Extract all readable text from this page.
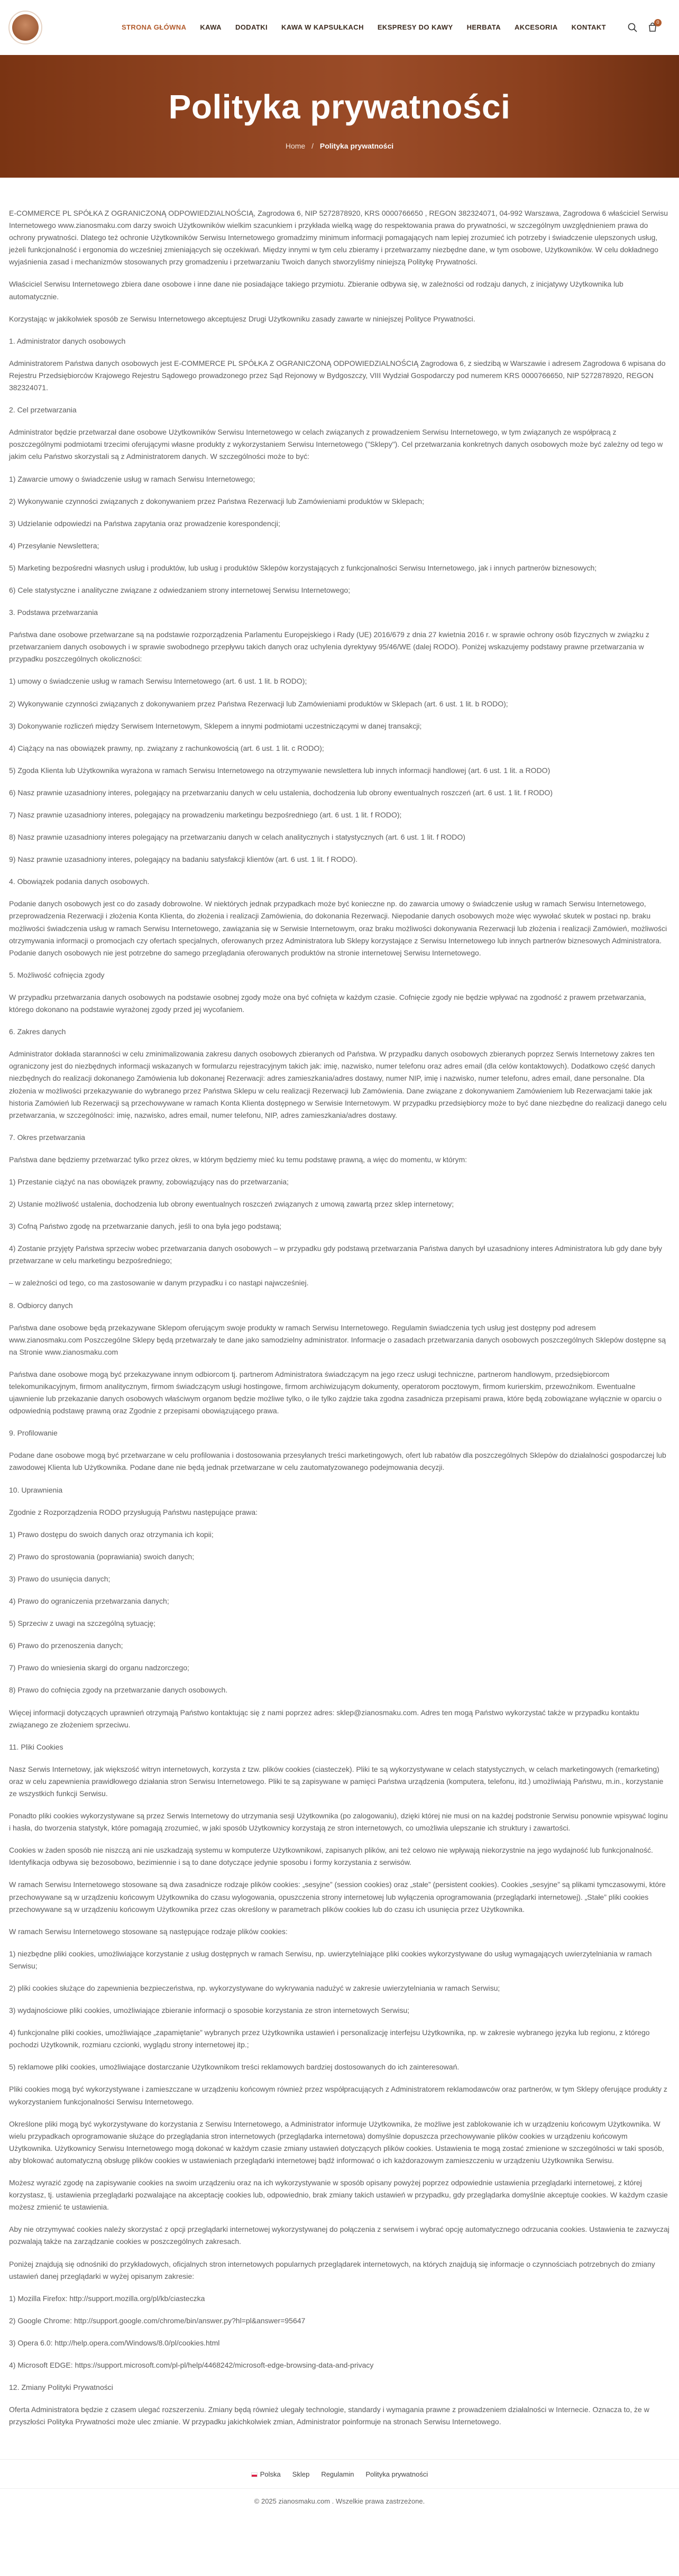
STRONA GŁÓWNA KAWA DODATKI KAWA W KAPSUŁKACH EKSPRESY DO KAWY HERBATA AKCESORIA KONTAKT
0
Polityka prywatności
Home / Polityka prywatności

E-COMMERCE PL SPÓŁKA Z OGRANICZONĄ ODPOWIEDZIALNOŚCIĄ, Zagrodowa 6, NIP 5272878920, KRS 0000766650 , REGON 382324071, 04-992 Warszawa, Zagrodowa 6 właściciel Serwisu Internetowego www.zianosmaku.com darzy swoich Użytkowników wielkim szacunkiem i przykłada wielką wagę do respektowania prawa do prywatności, w szczególnym uwzględnieniem prawa do ochrony prywatności. Dlatego też ochronie Użytkowników Serwisu Internetowego gromadzimy minimum informacji pomagających nam lepiej zrozumieć ich potrzeby i świadczenie ulepszonych usług, jeżeli funkcjonalność i ergonomia do wcześniej zmieniających się oczekiwań. Między innymi w tym celu zbieramy i przetwarzamy niezbędne dane, w tym osobowe, Użytkowników. W celu dokładnego wyjaśnienia zasad i mechanizmów stosowanych przy gromadzeniu i przetwarzaniu Twoich danych stworzyliśmy niniejszą Politykę Prywatności.

Właściciel Serwisu Internetowego zbiera dane osobowe i inne dane nie posiadające takiego przymiotu. Zbieranie odbywa się, w zależności od rodzaju danych, z inicjatywy Użytkownika lub automatycznie.

Korzystając w jakikolwiek sposób ze Serwisu Internetowego akceptujesz Drugi Użytkowniku zasady zawarte w niniejszej Polityce Prywatności.

1. Administrator danych osobowych

Administratorem Państwa danych osobowych jest E-COMMERCE PL SPÓŁKA Z OGRANICZONĄ ODPOWIEDZIALNOŚCIĄ Zagrodowa 6, z siedzibą w Warszawie i adresem Zagrodowa 6 wpisana do Rejestru Przedsiębiorców Krajowego Rejestru Sądowego prowadzonego przez Sąd Rejonowy w Bydgoszczy, VIII Wydział Gospodarczy pod numerem KRS 0000766650, NIP 5272878920, REGON 382324071.

2. Cel przetwarzania

Administrator będzie przetwarzał dane osobowe Użytkowników Serwisu Internetowego w celach związanych z prowadzeniem Serwisu Internetowego, w tym związanych ze współpracą z poszczególnymi podmiotami trzecimi oferującymi własne produkty z wykorzystaniem Serwisu Internetowego ("Sklepy"). Cel przetwarzania konkretnych danych osobowych może być zależny od tego w jakim celu Państwo skorzystali są z Administratorem danych. W szczególności może to być:

1) Zawarcie umowy o świadczenie usług w ramach Serwisu Internetowego;

2) Wykonywanie czynności związanych z dokonywaniem przez Państwa Rezerwacji lub Zamówieniami produktów w Sklepach;

3) Udzielanie odpowiedzi na Państwa zapytania oraz prowadzenie korespondencji;

4) Przesyłanie Newslettera;

5) Marketing bezpośredni własnych usług i produktów, lub usług i produktów Sklepów korzystających z funkcjonalności Serwisu Internetowego, jak i innych partnerów biznesowych;

6) Cele statystyczne i analityczne związane z odwiedzaniem strony internetowej Serwisu Internetowego;

3. Podstawa przetwarzania

Państwa dane osobowe przetwarzane są na podstawie rozporządzenia Parlamentu Europejskiego i Rady (UE) 2016/679 z dnia 27 kwietnia 2016 r. w sprawie ochrony osób fizycznych w związku z przetwarzaniem danych osobowych i w sprawie swobodnego przepływu takich danych oraz uchylenia dyrektywy 95/46/WE (dalej RODO). Poniżej wskazujemy podstawy prawne przetwarzania w przypadku poszczególnych okoliczności:

1) umowy o świadczenie usług w ramach Serwisu Internetowego (art. 6 ust. 1 lit. b RODO);

2) Wykonywanie czynności związanych z dokonywaniem przez Państwa Rezerwacji lub Zamówieniami produktów w Sklepach (art. 6 ust. 1 lit. b RODO);

3) Dokonywanie rozliczeń między Serwisem Internetowym, Sklepem a innymi podmiotami uczestniczącymi w danej transakcji;

4) Ciążący na nas obowiązek prawny, np. związany z rachunkowością (art. 6 ust. 1 lit. c RODO);

5) Zgoda Klienta lub Użytkownika wyrażona w ramach Serwisu Internetowego na otrzymywanie newslettera lub innych informacji handlowej (art. 6 ust. 1 lit. a RODO)

6) Nasz prawnie uzasadniony interes, polegający na przetwarzaniu danych w celu ustalenia, dochodzenia lub obrony ewentualnych roszczeń (art. 6 ust. 1 lit. f RODO)

7) Nasz prawnie uzasadniony interes, polegający na prowadzeniu marketingu bezpośredniego (art. 6 ust. 1 lit. f RODO);

8) Nasz prawnie uzasadniony interes polegający na przetwarzaniu danych w celach analitycznych i statystycznych (art. 6 ust. 1 lit. f RODO)

9) Nasz prawnie uzasadniony interes, polegający na badaniu satysfakcji klientów (art. 6 ust. 1 lit. f RODO).

4. Obowiązek podania danych osobowych.

Podanie danych osobowych jest co do zasady dobrowolne. W niektórych jednak przypadkach może być konieczne np. do zawarcia umowy o świadczenie usług w ramach Serwisu Internetowego, przeprowadzenia Rezerwacji i złożenia Konta Klienta, do złożenia i realizacji Zamówienia, do dokonania Rezerwacji. Niepodanie danych osobowych może więc wywołać skutek w postaci np. braku możliwości świadczenia usług w ramach Serwisu Internetowego, zawiązania się w Serwisie Internetowym, oraz braku możliwości dokonywania Rezerwacji lub złożenia i realizacji Zamówień, możliwości otrzymywania informacji o promocjach czy ofertach specjalnych, oferowanych przez Administratora lub Sklepy korzystające z Serwisu Internetowego lub innych partnerów biznesowych Administratora. Podanie danych osobowych nie jest potrzebne do samego przeglądania oferowanych produktów na stronie internetowej Serwisu Internetowego.

5. Możliwość cofnięcia zgody

W przypadku przetwarzania danych osobowych na podstawie osobnej zgody może ona być cofnięta w każdym czasie. Cofnięcie zgody nie będzie wpływać na zgodność z prawem przetwarzania, którego dokonano na podstawie wyrażonej zgody przed jej wycofaniem.

6. Zakres danych

Administrator dokłada staranności w celu zminimalizowania zakresu danych osobowych zbieranych od Państwa. W przypadku danych osobowych zbieranych poprzez Serwis Internetowy zakres ten ograniczony jest do niezbędnych informacji wskazanych w formularzu rejestracyjnym takich jak: imię, nazwisko, numer telefonu oraz adres email (dla celów kontaktowych). Dodatkowo część danych niezbędnych do realizacji dokonanego Zamówienia lub dokonanej Rezerwacji: adres zamieszkania/adres dostawy, numer NIP, imię i nazwisko, numer telefonu, adres email, dane personalne. Dla złożenia w możliwości przekazywanie do wybranego przez Państwa Sklepu w celu realizacji Rezerwacji lub Zamówienia. Dane związane z dokonywaniem Zamówieniem lub Rezerwacjami takie jak historia Zamówień lub Rezerwacji są przechowywane w ramach Konta Klienta dostępnego w Serwisie Internetowym. W przypadku przedsiębiorcy może to być dane niezbędne do realizacji danego celu przetwarzania, w szczególności: imię, nazwisko, adres email, numer telefonu, NIP, adres zamieszkania/adres dostawy.

7. Okres przetwarzania

Państwa dane będziemy przetwarzać tylko przez okres, w którym będziemy mieć ku temu podstawę prawną, a więc do momentu, w którym:

1) Przestanie ciążyć na nas obowiązek prawny, zobowiązujący nas do przetwarzania;

2) Ustanie możliwość ustalenia, dochodzenia lub obrony ewentualnych roszczeń związanych z umową zawartą przez sklep internetowy;

3) Cofną Państwo zgodę na przetwarzanie danych, jeśli to ona była jego podstawą;

4) Zostanie przyjęty Państwa sprzeciw wobec przetwarzania danych osobowych – w przypadku gdy podstawą przetwarzania Państwa danych był uzasadniony interes Administratora lub gdy dane były przetwarzane w celu marketingu bezpośredniego;

– w zależności od tego, co ma zastosowanie w danym przypadku i co nastąpi najwcześniej.

8. Odbiorcy danych

Państwa dane osobowe będą przekazywane Sklepom oferującym swoje produkty w ramach Serwisu Internetowego. Regulamin świadczenia tych usług jest dostępny pod adresem www.zianosmaku.com Poszczególne Sklepy będą przetwarzały te dane jako samodzielny administrator. Informacje o zasadach przetwarzania danych osobowych poszczególnych Sklepów dostępne są na Stronie www.zianosmaku.com

Państwa dane osobowe mogą być przekazywane innym odbiorcom tj. partnerom Administratora świadczącym na jego rzecz usługi techniczne, partnerom handlowym, przedsiębiorcom telekomunikacyjnym, firmom analitycznym, firmom świadczącym usługi hostingowe, firmom archiwizującym dokumenty, operatorom pocztowym, firmom kurierskim, przewoźnikom. Ewentualne ujawnienie lub przekazanie danych osobowych właściwym organom będzie możliwe tylko, o ile tylko zajdzie taka zgodna zasadnicza przepisami prawa, które będą zobowiązane wyłącznie w oparciu o odpowiednią podstawę prawną oraz Zgodnie z przepisami obowiązującego prawa.

9. Profilowanie

Podane dane osobowe mogą być przetwarzane w celu profilowania i dostosowania przesyłanych treści marketingowych, ofert lub rabatów dla poszczególnych Sklepów do działalności gospodarczej lub zawodowej Klienta lub Użytkownika. Podane dane nie będą jednak przetwarzane w celu zautomatyzowanego podejmowania decyzji.

10. Uprawnienia

Zgodnie z Rozporządzenia RODO przysługują Państwu następujące prawa:

1) Prawo dostępu do swoich danych oraz otrzymania ich kopii;

2) Prawo do sprostowania (poprawiania) swoich danych;

3) Prawo do usunięcia danych;

4) Prawo do ograniczenia przetwarzania danych;

5) Sprzeciw z uwagi na szczególną sytuację;

6) Prawo do przenoszenia danych;

7) Prawo do wniesienia skargi do organu nadzorczego;

8) Prawo do cofnięcia zgody na przetwarzanie danych osobowych.

Więcej informacji dotyczących uprawnień otrzymają Państwo kontaktując się z nami poprzez adres: sklep@zianosmaku.com. Adres ten mogą Państwo wykorzystać także w przypadku kontaktu związanego ze złożeniem sprzeciwu.

11. Pliki Cookies

Nasz Serwis Internetowy, jak większość witryn internetowych, korzysta z tzw. plików cookies (ciasteczek). Pliki te są wykorzystywane w celach statystycznych, w celach marketingowych (remarketing) oraz w celu zapewnienia prawidłowego działania stron Serwisu Internetowego. Pliki te są zapisywane w pamięci Państwa urządzenia (komputera, telefonu, itd.) umożliwiają Państwu, m.in., korzystanie ze wszystkich funkcji Serwisu.

Ponadto pliki cookies wykorzystywane są przez Serwis Internetowy do utrzymania sesji Użytkownika (po zalogowaniu), dzięki której nie musi on na każdej podstronie Serwisu ponownie wpisywać loginu i hasła, do tworzenia statystyk, które pomagają zrozumieć, w jaki sposób Użytkownicy korzystają ze stron internetowych, co umożliwia ulepszanie ich struktury i zawartości.

Cookies w żaden sposób nie niszczą ani nie uszkadzają systemu w komputerze Użytkownikowi, zapisanych plików, ani też celowo nie wpływają niekorzystnie na jego wydajność lub funkcjonalność. Identyfikacja odbywa się bezosobowo, bezimiennie i są to dane dotyczące jedynie sposobu i formy korzystania z serwisów.

W ramach Serwisu Internetowego stosowane są dwa zasadnicze rodzaje plików cookies: „sesyjne” (session cookies) oraz „stałe” (persistent cookies). Cookies „sesyjne” są plikami tymczasowymi, które przechowywane są w urządzeniu końcowym Użytkownika do czasu wylogowania, opuszczenia strony internetowej lub wyłączenia oprogramowania (przeglądarki internetowej). „Stałe” pliki cookies przechowywane są w urządzeniu końcowym Użytkownika przez czas określony w parametrach plików cookies lub do czasu ich usunięcia przez Użytkownika.

W ramach Serwisu Internetowego stosowane są następujące rodzaje plików cookies:

1) niezbędne pliki cookies, umożliwiające korzystanie z usług dostępnych w ramach Serwisu, np. uwierzytelniające pliki cookies wykorzystywane do usług wymagających uwierzytelniania w ramach Serwisu;

2) pliki cookies służące do zapewnienia bezpieczeństwa, np. wykorzystywane do wykrywania nadużyć w zakresie uwierzytelniania w ramach Serwisu;

3) wydajnościowe pliki cookies, umożliwiające zbieranie informacji o sposobie korzystania ze stron internetowych Serwisu;

4) funkcjonalne pliki cookies, umożliwiające „zapamiętanie” wybranych przez Użytkownika ustawień i personalizację interfejsu Użytkownika, np. w zakresie wybranego języka lub regionu, z którego pochodzi Użytkownik, rozmiaru czcionki, wyglądu strony internetowej itp.;

5) reklamowe pliki cookies, umożliwiające dostarczanie Użytkownikom treści reklamowych bardziej dostosowanych do ich zainteresowań.

Pliki cookies mogą być wykorzystywane i zamieszczane w urządzeniu końcowym również przez współpracujących z Administratorem reklamodawców oraz partnerów, w tym Sklepy oferujące produkty z wykorzystaniem funkcjonalności Serwisu Internetowego.

Określone pliki mogą być wykorzystywane do korzystania z Serwisu Internetowego, a Administrator informuje Użytkownika, że możliwe jest zablokowanie ich w urządzeniu końcowym Użytkownika. W wielu przypadkach oprogramowanie służące do przeglądania stron internetowych (przeglądarka internetowa) domyślnie dopuszcza przechowywanie plików cookies w urządzeniu końcowym Użytkownika. Użytkownicy Serwisu Internetowego mogą dokonać w każdym czasie zmiany ustawień dotyczących plików cookies. Ustawienia te mogą zostać zmienione w szczególności w taki sposób, aby blokować automatyczną obsługę plików cookies w ustawieniach przeglądarki internetowej bądź informować o ich każdorazowym zamieszczeniu w urządzeniu Użytkownika Serwisu.

Możesz wyrazić zgodę na zapisywanie cookies na swoim urządzeniu oraz na ich wykorzystywanie w sposób opisany powyżej poprzez odpowiednie ustawienia przeglądarki internetowej, z której korzystasz, tj. ustawienia przeglądarki pozwalające na akceptację cookies lub, odpowiednio, brak zmiany takich ustawień w przypadku, gdy przeglądarka domyślnie akceptuje cookies. W każdym czasie możesz zmienić te ustawienia.

Aby nie otrzymywać cookies należy skorzystać z opcji przeglądarki internetowej wykorzystywanej do połączenia z serwisem i wybrać opcję automatycznego odrzucania cookies. Ustawienia te zazwyczaj pozwalają także na zarządzanie cookies w poszczególnych zakresach.

Poniżej znajdują się odnośniki do przykładowych, oficjalnych stron internetowych popularnych przeglądarek internetowych, na których znajdują się informacje o czynnościach potrzebnych do zmiany ustawień danej przeglądarki w wyżej opisanym zakresie:

1) Mozilla Firefox: http://support.mozilla.org/pl/kb/ciasteczka

2) Google Chrome: http://support.google.com/chrome/bin/answer.py?hl=pl&answer=95647

3) Opera 6.0: http://help.opera.com/Windows/8.0/pl/cookies.html

4) Microsoft EDGE: https://support.microsoft.com/pl-pl/help/4468242/microsoft-edge-browsing-data-and-privacy

12. Zmiany Polityki Prywatności

Oferta Administratora będzie z czasem ulegać rozszerzeniu. Zmiany będą również ulegały technologie, standardy i wymagania prawne z prowadzeniem działalności w Internecie. Oznacza to, że w przyszłości Polityka Prywatności może ulec zmianie. W przypadku jakichkolwiek zmian, Administrator poinformuje na stronach Serwisu Internetowego.

Polska Sklep Regulamin Polityka prywatności
© 2025 zianosmaku.com . Wszelkie prawa zastrzeżone.
